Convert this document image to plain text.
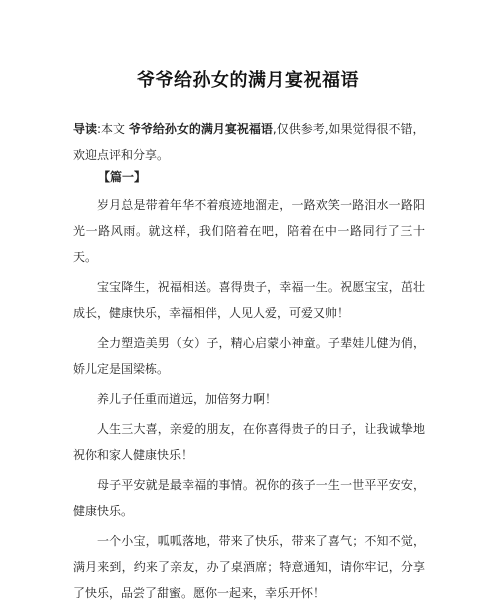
爷爷给孙女的满月宴祝福语

导读:本文 爷爷给孙女的满月宴祝福语,仅供参考,如果觉得很不错，欢迎点评和分享。

【篇一】

岁月总是带着年华不着痕迹地溜走，一路欢笑一路泪水一路阳光一路风雨。就这样，我们陪着在吧，陪着在中一路同行了三十天。

宝宝降生，祝福相送。喜得贵子，幸福一生。祝愿宝宝，茁壮成长，健康快乐，幸福相伴，人见人爱，可爱又帅！

全力塑造美男（女）子，精心启蒙小神童。子辈娃儿健为俏，娇儿定是国梁栋。

养儿子任重而道远，加倍努力啊！

人生三大喜，亲爱的朋友，在你喜得贵子的日子，让我诚挚地祝你和家人健康快乐！

母子平安就是最幸福的事情。祝你的孩子一生一世平平安安，健康快乐。

一个小宝，呱呱落地，带来了快乐，带来了喜气；不知不觉，满月来到，约来了亲友，办了桌酒席；特意通知，请你牢记，分享了快乐，品尝了甜蜜。愿你一起来，幸乐开怀！
